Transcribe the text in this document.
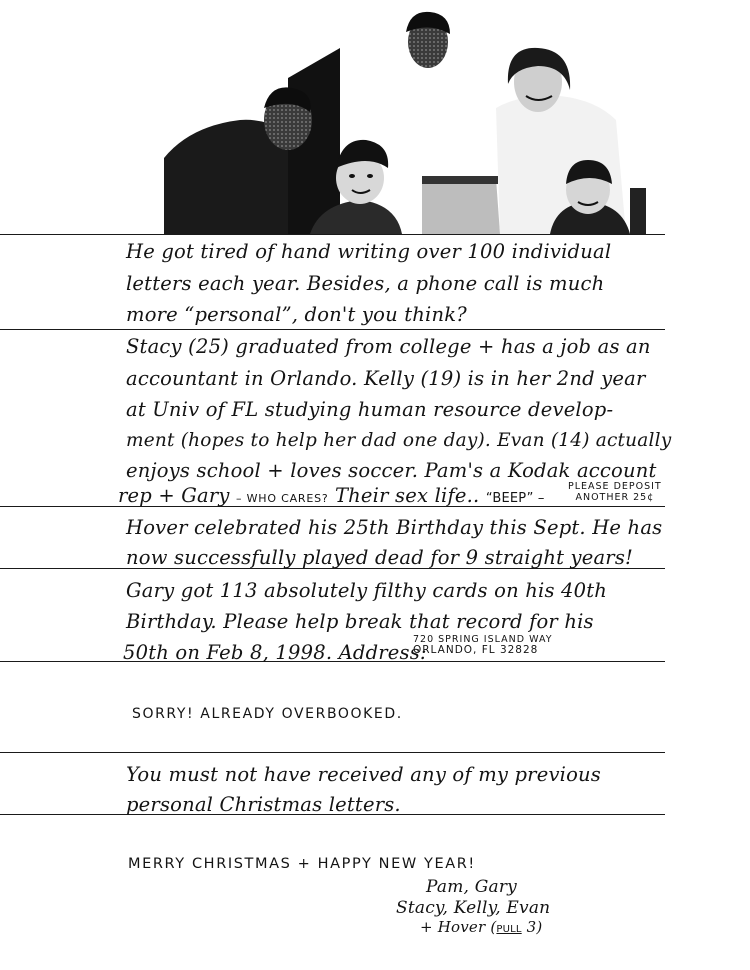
He got tired of hand writing over 100 individual
letters each year. Besides, a phone call is much
more “personal”, don't you think?
Stacy (25) graduated from college + has a job as an
accountant in Orlando. Kelly (19) is in her 2nd year
at Univ of FL studying human resource develop-
ment (hopes to help her dad one day). Evan (14) actually
enjoys school + loves soccer. Pam's a Kodak account
rep + Gary – WHO CARES? Their sex life.. “BEEP” –
PLEASE DEPOSIT
ANOTHER 25¢
Hover celebrated his 25th Birthday this Sept. He has
now successfully played dead for 9 straight years!
Gary got 113 absolutely filthy cards on his 40th
Birthday. Please help break that record for his
50th on Feb 8, 1998. Address:
720 SPRING ISLAND WAY
ORLANDO, FL 32828
SORRY! ALREADY OVERBOOKED.
You must not have received any of my previous
personal Christmas letters.
MERRY CHRISTMAS + HAPPY NEW YEAR!
Pam, Gary
Stacy, Kelly, Evan
+ Hover (PULL 3)
